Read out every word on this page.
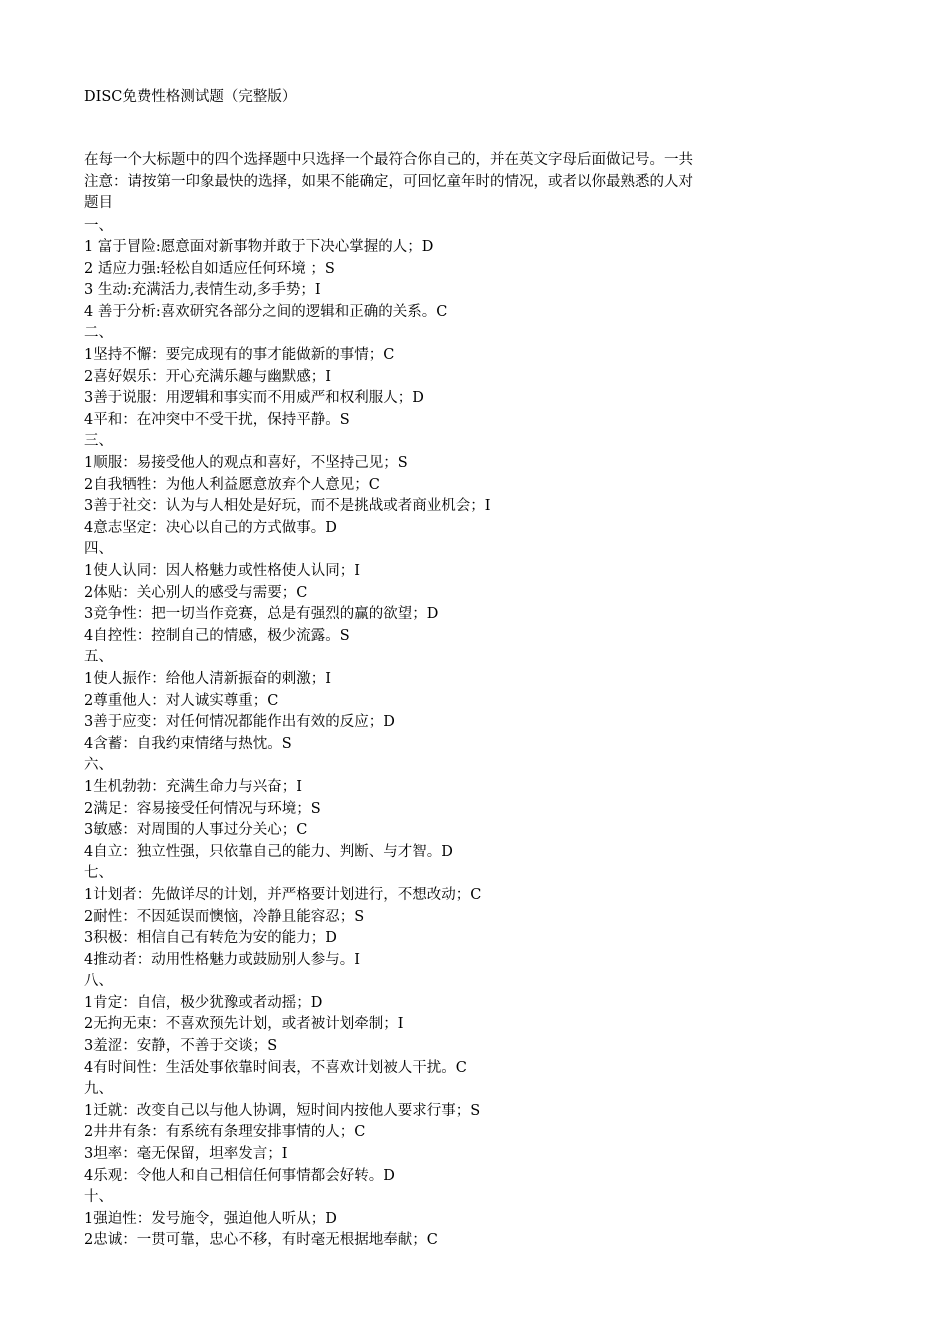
DISC免费性格测试题（完整版）
在每一个大标题中的四个选择题中只选择一个最符合你自己的，并在英文字母后面做记号。一共
注意：请按第一印象最快的选择，如果不能确定，可回忆童年时的情况，或者以你最熟悉的人对
题目
一、
1 富于冒险:愿意面对新事物并敢于下决心掌握的人；D
2 适应力强:轻松自如适应任何环境 ；S
3 生动:充满活力,表情生动,多手势；I
4 善于分析:喜欢研究各部分之间的逻辑和正确的关系。C
二、
1坚持不懈：要完成现有的事才能做新的事情；C
2喜好娱乐：开心充满乐趣与幽默感；I
3善于说服：用逻辑和事实而不用威严和权利服人；D
4平和：在冲突中不受干扰，保持平静。S
三、
1顺服：易接受他人的观点和喜好，不坚持己见；S
2自我牺牲：为他人利益愿意放弃个人意见；C
3善于社交：认为与人相处是好玩，而不是挑战或者商业机会；I
4意志坚定：决心以自己的方式做事。D
四、
1使人认同：因人格魅力或性格使人认同；I
2体贴：关心别人的感受与需要；C
3竞争性：把一切当作竞赛，总是有强烈的赢的欲望；D
4自控性：控制自己的情感，极少流露。S
五、
1使人振作：给他人清新振奋的刺激；I
2尊重他人：对人诚实尊重；C
3善于应变：对任何情况都能作出有效的反应；D
4含蓄：自我约束情绪与热忱。S
六、
1生机勃勃：充满生命力与兴奋；I
2满足：容易接受任何情况与环境；S
3敏感：对周围的人事过分关心；C
4自立：独立性强，只依靠自己的能力、判断、与才智。D
七、
1计划者：先做详尽的计划，并严格要计划进行，不想改动；C
2耐性：不因延误而懊恼，冷静且能容忍；S
3积极：相信自己有转危为安的能力；D
4推动者：动用性格魅力或鼓励别人参与。I
八、
1肯定：自信，极少犹豫或者动摇；D
2无拘无束：不喜欢预先计划，或者被计划牵制；I
3羞涩：安静，不善于交谈；S
4有时间性：生活处事依靠时间表，不喜欢计划被人干扰。C
九、
1迁就：改变自己以与他人协调，短时间内按他人要求行事；S
2井井有条：有系统有条理安排事情的人；C
3坦率：毫无保留，坦率发言；I
4乐观：令他人和自己相信任何事情都会好转。D
十、
1强迫性：发号施令，强迫他人听从；D
2忠诚：一贯可靠，忠心不移，有时毫无根据地奉献；C
